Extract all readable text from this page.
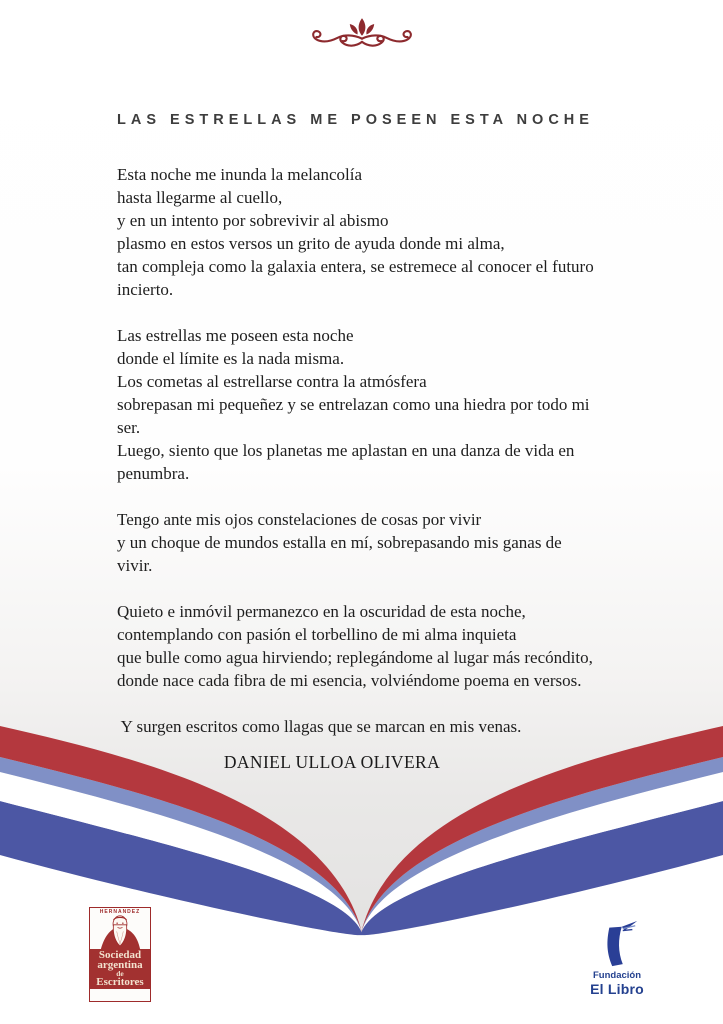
LAS ESTRELLAS ME POSEEN ESTA NOCHE
Esta noche me inunda la melancolía
hasta llegarme al cuello,
y en un intento por sobrevivir al abismo
plasmo en estos versos un grito de ayuda donde mi alma,
tan compleja como la galaxia entera, se estremece al conocer el futuro
incierto.
Las estrellas me poseen esta noche
donde el límite es la nada misma.
Los cometas al estrellarse contra la atmósfera
sobrepasan mi pequeñez y se entrelazan como una hiedra por todo mi
ser.
Luego, siento que los planetas me aplastan en una danza de vida en
penumbra.
Tengo ante mis ojos constelaciones de cosas por vivir
y un choque de mundos estalla en mí, sobrepasando mis ganas de
vivir.
Quieto e inmóvil permanezco en la oscuridad de esta noche,
contemplando con pasión el torbellino de mi alma inquieta
que bulle como agua hirviendo; replegándome al lugar más recóndito,
donde nace cada fibra de mi esencia, volviéndome poema en versos.
Y surgen escritos como llagas que se marcan en mis venas.
DANIEL ULLOA OLIVERA
HERNANDEZ
Sociedad
argentina
de
Escritores
Fundación
El Libro
